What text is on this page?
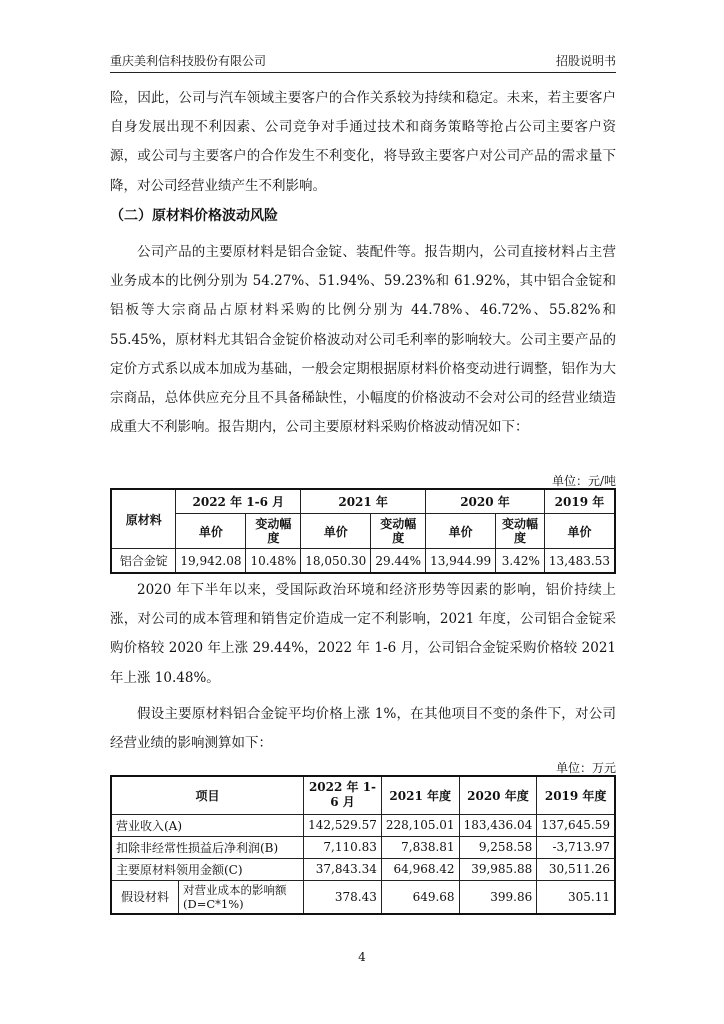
重庆美利信科技股份有限公司	招股说明书

险，因此，公司与汽车领域主要客户的合作关系较为持续和稳定。未来，若主要客户自身发展出现不利因素、公司竞争对手通过技术和商务策略等抢占公司主要客户资源，或公司与主要客户的合作发生不利变化，将导致主要客户对公司产品的需求量下降，对公司经营业绩产生不利影响。

（二）原材料价格波动风险

公司产品的主要原材料是铝合金锭、装配件等。报告期内，公司直接材料占主营业务成本的比例分别为 54.27%、51.94%、59.23%和 61.92%，其中铝合金锭和铝板等大宗商品占原材料采购的比例分别为 44.78%、46.72%、55.82%和 55.45%，原材料尤其铝合金锭价格波动对公司毛利率的影响较大。公司主要产品的定价方式系以成本加成为基础，一般会定期根据原材料价格变动进行调整，铝作为大宗商品，总体供应充分且不具备稀缺性，小幅度的价格波动不会对公司的经营业绩造成重大不利影响。报告期内，公司主要原材料采购价格波动情况如下：

单位：元/吨
原材料	2022 年 1-6 月		2021 年		2020 年		2019 年
	单价	变动幅度	单价	变动幅度	单价	变动幅度	单价
铝合金锭	19,942.08	10.48%	18,050.30	29.44%	13,944.99	3.42%	13,483.53

2020 年下半年以来，受国际政治环境和经济形势等因素的影响，铝价持续上涨，对公司的成本管理和销售定价造成一定不利影响，2021 年度，公司铝合金锭采购价格较 2020 年上涨 29.44%，2022 年 1-6 月，公司铝合金锭采购价格较 2021 年上涨 10.48%。

假设主要原材料铝合金锭平均价格上涨 1%，在其他项目不变的条件下，对公司经营业绩的影响测算如下：

单位：万元
项目		2022 年 1-6 月	2021 年度	2020 年度	2019 年度
营业收入(A)		142,529.57	228,105.01	183,436.04	137,645.59
扣除非经常性损益后净利润(B)		7,110.83	7,838.81	9,258.58	-3,713.97
主要原材料领用金额(C)		37,843.34	64,968.42	39,985.88	30,511.26
假设材料	对营业成本的影响额(D=C*1%)	378.43	649.68	399.86	305.11
4
